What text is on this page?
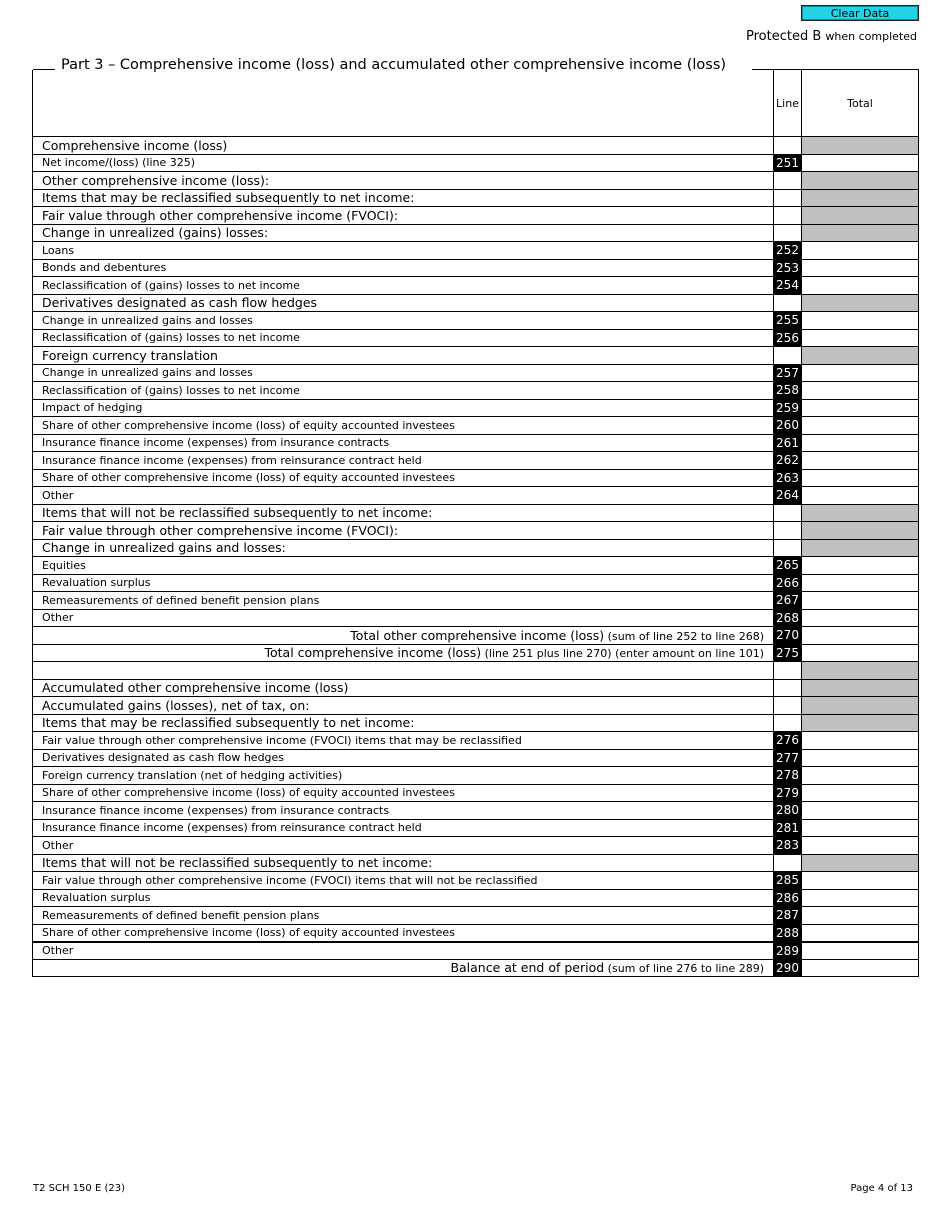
Clear Data
Protected B when completed
Part 3 – Comprehensive income (loss) and accumulated other comprehensive income (loss)
	Line	Total
Comprehensive income (loss)		
Net income/(loss) (line 325)	251	
Other comprehensive income (loss):		
Items that may be reclassified subsequently to net income:		
Fair value through other comprehensive income (FVOCI):		
Change in unrealized (gains) losses:		
Loans	252	
Bonds and debentures	253	
Reclassification of (gains) losses to net income	254	
Derivatives designated as cash flow hedges		
Change in unrealized gains and losses	255	
Reclassification of (gains) losses to net income	256	
Foreign currency translation		
Change in unrealized gains and losses	257	
Reclassification of (gains) losses to net income	258	
Impact of hedging	259	
Share of other comprehensive income (loss) of equity accounted investees	260	
Insurance finance income (expenses) from insurance contracts	261	
Insurance finance income (expenses) from reinsurance contract held	262	
Share of other comprehensive income (loss) of equity accounted investees	263	
Other	264	
Items that will not be reclassified subsequently to net income:		
Fair value through other comprehensive income (FVOCI):		
Change in unrealized gains and losses:		
Equities	265	
Revaluation surplus	266	
Remeasurements of defined benefit pension plans	267	
Other	268	
Total other comprehensive income (loss) (sum of line 252 to line 268)	270	
Total comprehensive income (loss) (line 251 plus line 270) (enter amount on line 101)	275	

Accumulated other comprehensive income (loss)		
Accumulated gains (losses), net of tax, on:		
Items that may be reclassified subsequently to net income:		
Fair value through other comprehensive income (FVOCI) items that may be reclassified	276	
Derivatives designated as cash flow hedges	277	
Foreign currency translation (net of hedging activities)	278	
Share of other comprehensive income (loss) of equity accounted investees	279	
Insurance finance income (expenses) from insurance contracts	280	
Insurance finance income (expenses) from reinsurance contract held	281	
Other	283	
Items that will not be reclassified subsequently to net income:		
Fair value through other comprehensive income (FVOCI) items that will not be reclassified	285	
Revaluation surplus	286	
Remeasurements of defined benefit pension plans	287	
Share of other comprehensive income (loss) of equity accounted investees	288	
Other	289	
Balance at end of period (sum of line 276 to line 289)	290	
T2 SCH 150 E (23)	Page 4 of 13
